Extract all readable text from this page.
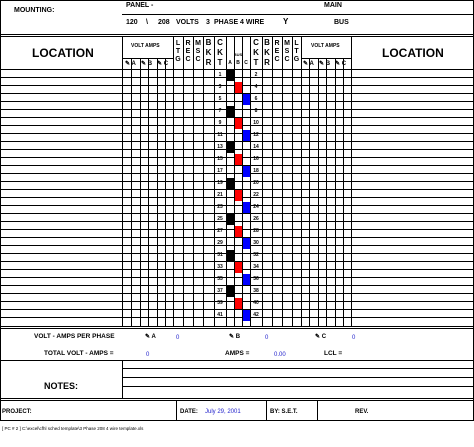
MOUNTING:
PANEL -	MAIN
120 \ 208 VOLTS 3 PHASE 4 WIRE Y	BUS
LOCATION	LOCATION
VOLT AMPS	VOLT AMPS
✎ A ✎ B ✎ C	✎ A ✎ B ✎ C
L
T
G
R
E
C
M
S
C
B
K
R
C
K
T
C
K
T
B
K
R
R
E
C
M
S
C
L
T
G
BUS
A B C
1	2
3	4
5	6
7	8
9	10
11	12
13	14
15	16
17	18
19	20
21	22
23	24
25	26
27	28
29	30
31	32
33	34
35	36
37	38
39	40
41	42
VOLT - AMPS PER PHASE	✎ A	0	✎ B	0	✎ C	0
TOTAL VOLT - AMPS =	0	AMPS =	0.00	LCL =
NOTES:
PROJECT:	DATE: July 29, 2001	BY: S.E.T.	REV.
[ PC # 2 ] C:\excel\cfhl sched template\3 Phase 208 4 wire template.xls
